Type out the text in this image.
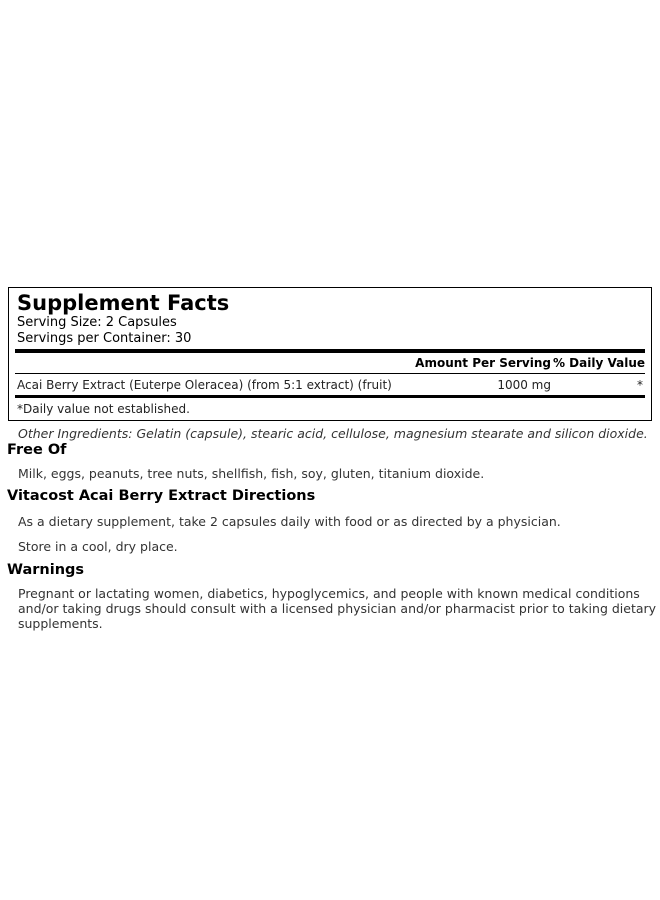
Supplement Facts
Serving Size: 2 Capsules
Servings per Container: 30
Amount Per Serving % Daily Value
Acai Berry Extract (Euterpe Oleracea) (from 5:1 extract) (fruit)	1000 mg	*
*Daily value not established.
Other Ingredients: Gelatin (capsule), stearic acid, cellulose, magnesium stearate and silicon dioxide.
Free Of
Milk, eggs, peanuts, tree nuts, shellfish, fish, soy, gluten, titanium dioxide.
Vitacost Acai Berry Extract Directions
As a dietary supplement, take 2 capsules daily with food or as directed by a physician.
Store in a cool, dry place.
Warnings
Pregnant or lactating women, diabetics, hypoglycemics, and people with known medical conditions and/or taking drugs should consult with a licensed physician and/or pharmacist prior to taking dietary supplements.
